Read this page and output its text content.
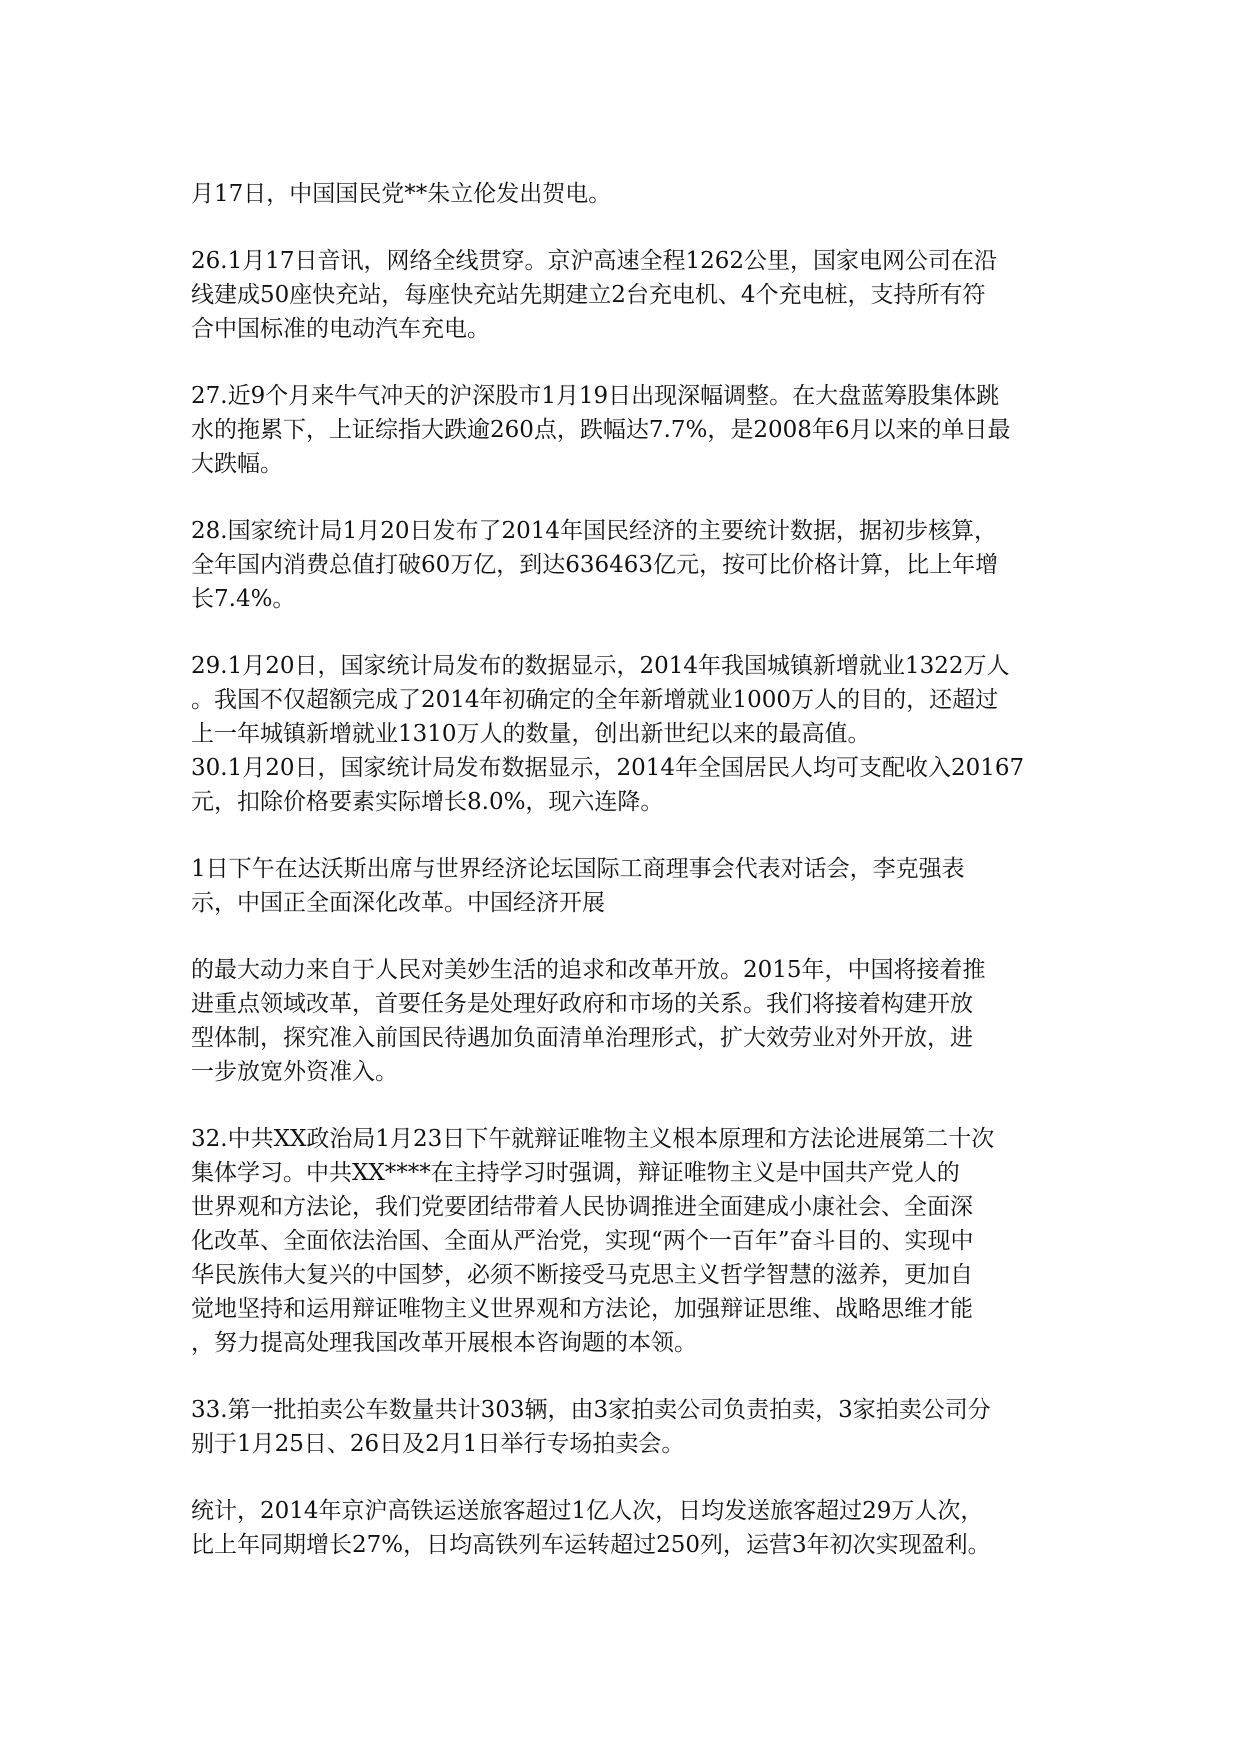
月17日，中国国民党**朱立伦发出贺电。
26.1月17日音讯，网络全线贯穿。京沪高速全程1262公里，国家电网公司在沿
线建成50座快充站，每座快充站先期建立2台充电机、4个充电桩，支持所有符
合中国标准的电动汽车充电。
27.近9个月来牛气冲天的沪深股市1月19日出现深幅调整。在大盘蓝筹股集体跳
水的拖累下，上证综指大跌逾260点，跌幅达7.7%，是2008年6月以来的单日最
大跌幅。
28.国家统计局1月20日发布了2014年国民经济的主要统计数据，据初步核算，
全年国内消费总值打破60万亿，到达636463亿元，按可比价格计算，比上年增
长7.4%。
29.1月20日，国家统计局发布的数据显示，2014年我国城镇新增就业1322万人
。我国不仅超额完成了2014年初确定的全年新增就业1000万人的目的，还超过
上一年城镇新增就业1310万人的数量，创出新世纪以来的最高值。
30.1月20日，国家统计局发布数据显示，2014年全国居民人均可支配收入20167
元，扣除价格要素实际增长8.0%，现六连降。
1日下午在达沃斯出席与世界经济论坛国际工商理事会代表对话会，李克强表
示，中国正全面深化改革。中国经济开展
的最大动力来自于人民对美妙生活的追求和改革开放。2015年，中国将接着推
进重点领域改革，首要任务是处理好政府和市场的关系。我们将接着构建开放
型体制，探究准入前国民待遇加负面清单治理形式，扩大效劳业对外开放，进
一步放宽外资准入。
32.中共XX政治局1月23日下午就辩证唯物主义根本原理和方法论进展第二十次
集体学习。中共XX****在主持学习时强调，辩证唯物主义是中国共产党人的
世界观和方法论，我们党要团结带着人民协调推进全面建成小康社会、全面深
化改革、全面依法治国、全面从严治党，实现“两个一百年”奋斗目的、实现中
华民族伟大复兴的中国梦，必须不断接受马克思主义哲学智慧的滋养，更加自
觉地坚持和运用辩证唯物主义世界观和方法论，加强辩证思维、战略思维才能
，努力提高处理我国改革开展根本咨询题的本领。
33.第一批拍卖公车数量共计303辆，由3家拍卖公司负责拍卖，3家拍卖公司分
别于1月25日、26日及2月1日举行专场拍卖会。
统计，2014年京沪高铁运送旅客超过1亿人次，日均发送旅客超过29万人次，
比上年同期增长27%，日均高铁列车运转超过250列，运营3年初次实现盈利。
